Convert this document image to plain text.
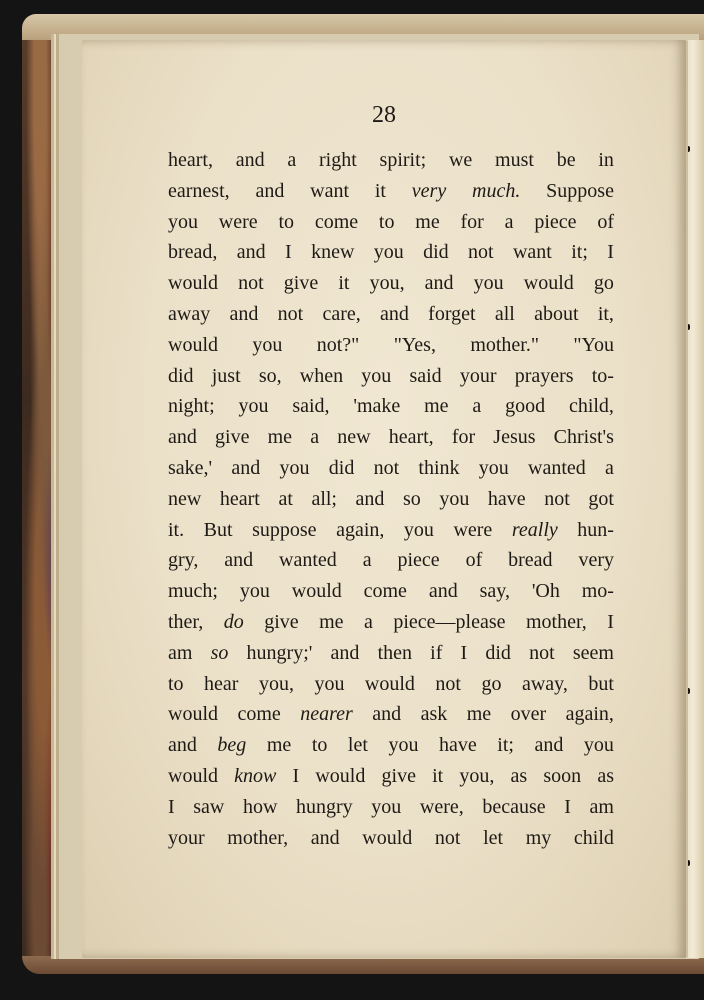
28
heart, and a right spirit; we must be in
earnest, and want it very much. Suppose
you were to come to me for a piece of
bread, and I knew you did not want it; I
would not give it you, and you would go
away and not care, and forget all about it,
would you not?" "Yes, mother." "You
did just so, when you said your prayers to-
night; you said, 'make me a good child,
and give me a new heart, for Jesus Christ's
sake,' and you did not think you wanted a
new heart at all; and so you have not got
it. But suppose again, you were really hun-
gry, and wanted a piece of bread very
much; you would come and say, 'Oh mo-
ther, do give me a piece—please mother, I
am so hungry;' and then if I did not seem
to hear you, you would not go away, but
would come nearer and ask me over again,
and beg me to let you have it; and you
would know I would give it you, as soon as
I saw how hungry you were, because I am
your mother, and would not let my child
